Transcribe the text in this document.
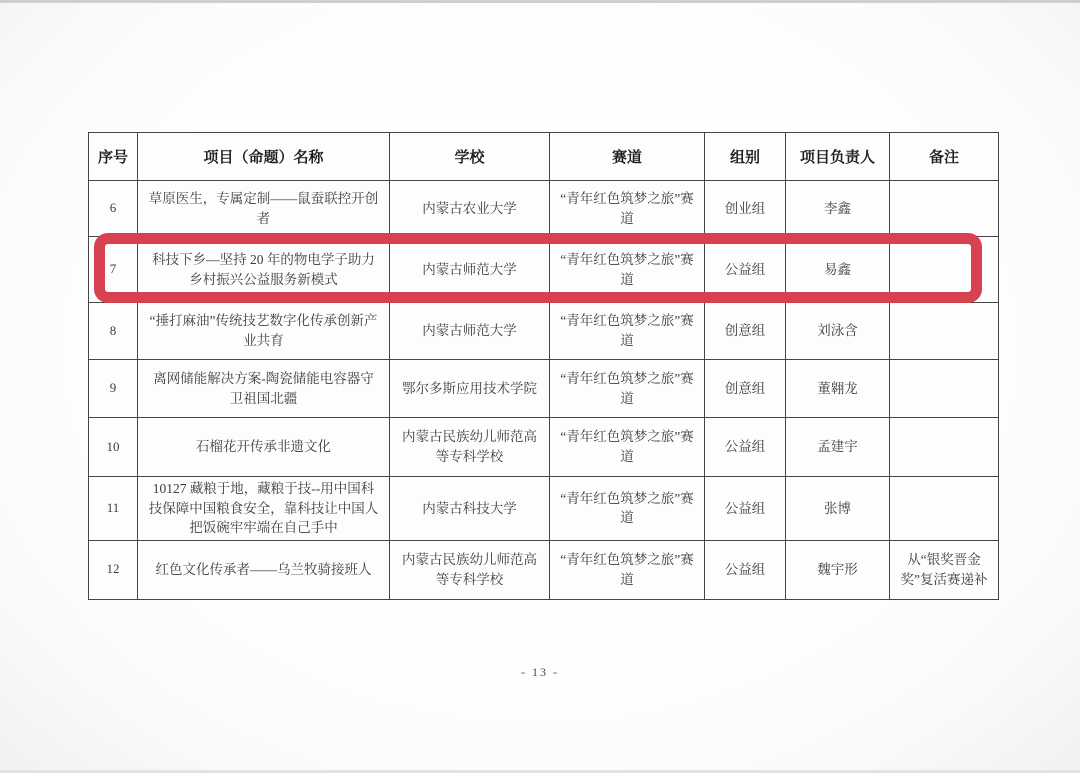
序号	项目（命题）名称	学校	赛道	组别	项目负责人	备注
6	草原医生，专属定制——鼠蚕联控开创者	内蒙古农业大学	“青年红色筑梦之旅”赛道	创业组	李鑫	
7	科技下乡—坚持 20 年的物电学子助力乡村振兴公益服务新模式	内蒙古师范大学	“青年红色筑梦之旅”赛道	公益组	易鑫	
8	“捶打麻油”传统技艺数字化传承创新产业共育	内蒙古师范大学	“青年红色筑梦之旅”赛道	创意组	刘泳含	
9	离网储能解决方案-陶瓷储能电容器守卫祖国北疆	鄂尔多斯应用技术学院	“青年红色筑梦之旅”赛道	创意组	董翱龙	
10	石榴花开传承非遗文化	内蒙古民族幼儿师范高等专科学校	“青年红色筑梦之旅”赛道	公益组	孟建宇	
11	10127 藏粮于地，藏粮于技--用中国科技保障中国粮食安全，靠科技让中国人把饭碗牢牢端在自己手中	内蒙古科技大学	“青年红色筑梦之旅”赛道	公益组	张博	
12	红色文化传承者——乌兰牧骑接班人	内蒙古民族幼儿师范高等专科学校	“青年红色筑梦之旅”赛道	公益组	魏宇形	从“银奖晋金奖”复活赛递补
- 13 -
